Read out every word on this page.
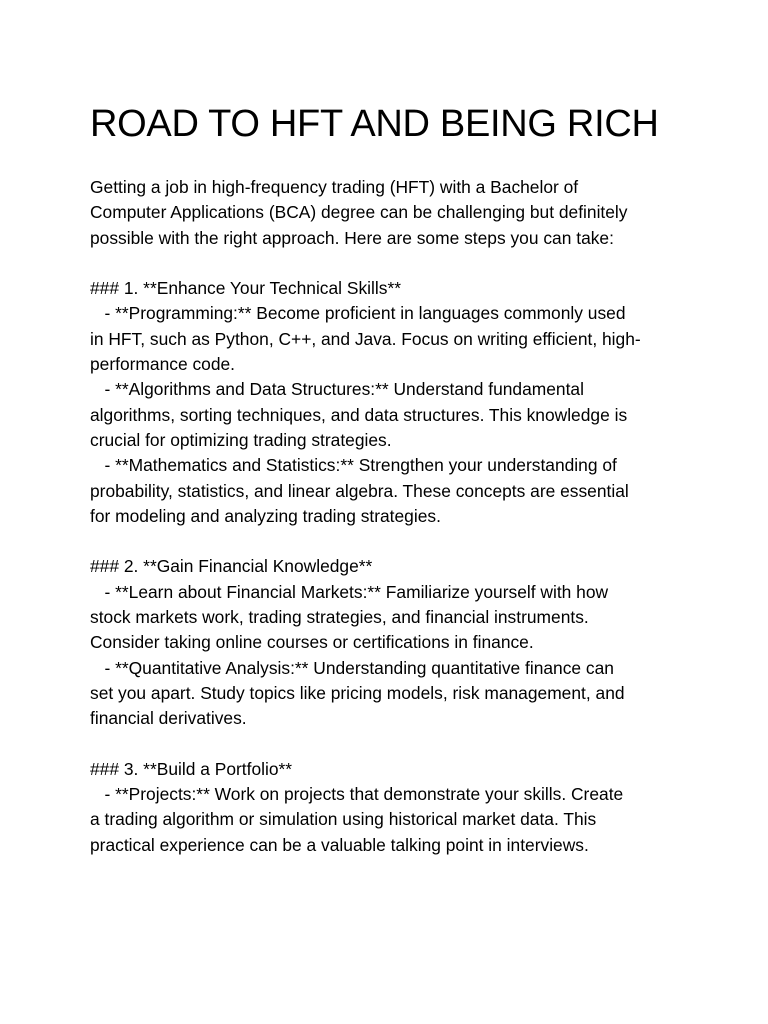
ROAD TO HFT AND BEING RICH
Getting a job in high-frequency trading (HFT) with a Bachelor of
Computer Applications (BCA) degree can be challenging but definitely
possible with the right approach. Here are some steps you can take:
### 1. **Enhance Your Technical Skills**
- **Programming:** Become proficient in languages commonly used
in HFT, such as Python, C++, and Java. Focus on writing efficient, high-
performance code.
- **Algorithms and Data Structures:** Understand fundamental
algorithms, sorting techniques, and data structures. This knowledge is
crucial for optimizing trading strategies.
- **Mathematics and Statistics:** Strengthen your understanding of
probability, statistics, and linear algebra. These concepts are essential
for modeling and analyzing trading strategies.
### 2. **Gain Financial Knowledge**
- **Learn about Financial Markets:** Familiarize yourself with how
stock markets work, trading strategies, and financial instruments.
Consider taking online courses or certifications in finance.
- **Quantitative Analysis:** Understanding quantitative finance can
set you apart. Study topics like pricing models, risk management, and
financial derivatives.
### 3. **Build a Portfolio**
- **Projects:** Work on projects that demonstrate your skills. Create
a trading algorithm or simulation using historical market data. This
practical experience can be a valuable talking point in interviews.
